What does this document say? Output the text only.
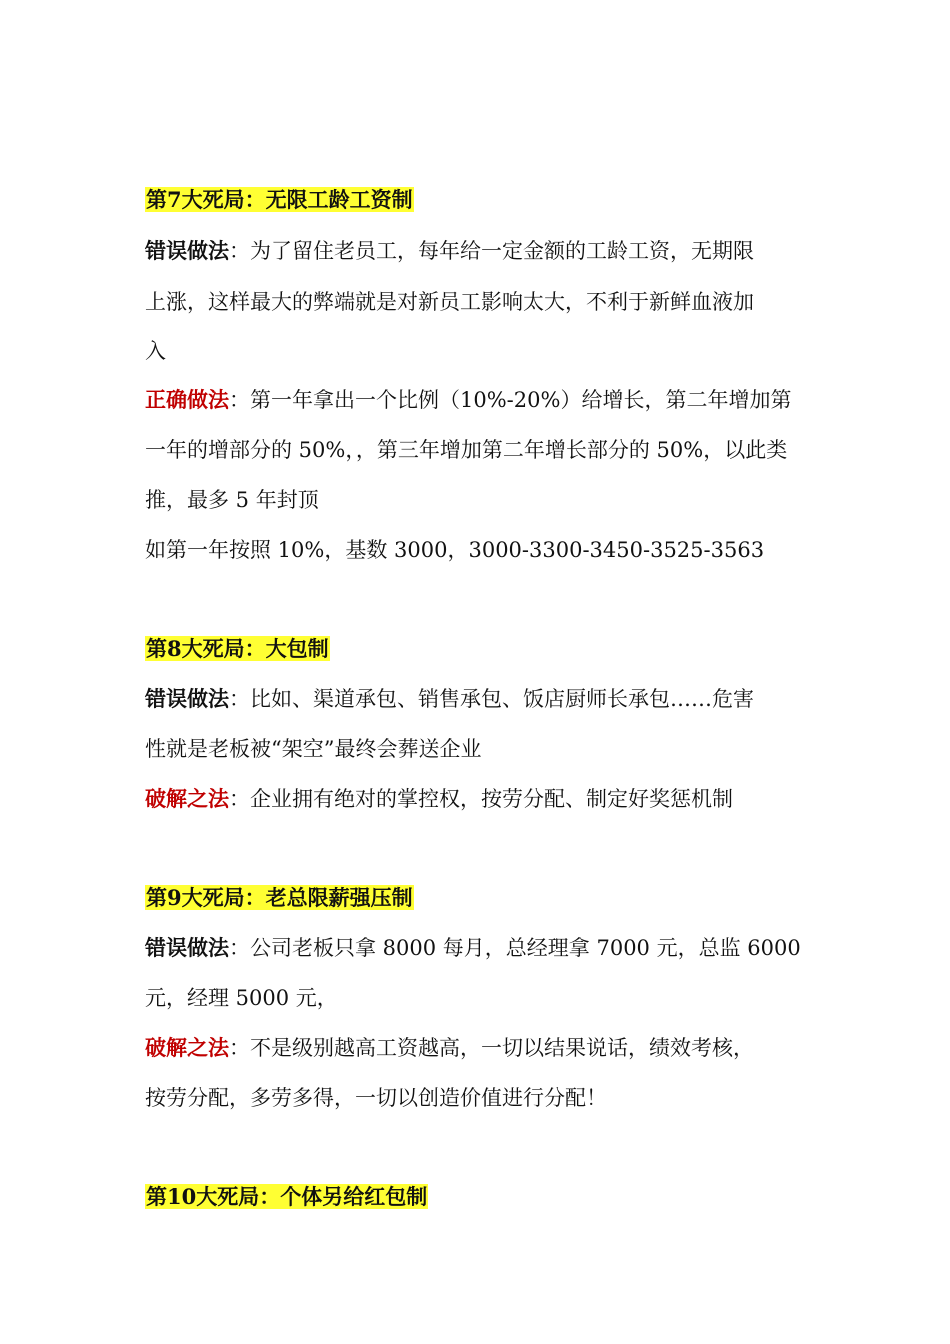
第7大死局：无限工龄工资制
错误做法：为了留住老员工，每年给一定金额的工龄工资，无期限
上涨，这样最大的弊端就是对新员工影响太大，不利于新鲜血液加
入
正确做法：第一年拿出一个比例（10%-20%）给增长，第二年增加第
一年的增部分的 50%，，第三年增加第二年增长部分的 50%，以此类
推，最多 5 年封顶
如第一年按照 10%，基数 3000，3000-3300-3450-3525-3563
第8大死局：大包制
错误做法：比如、渠道承包、销售承包、饭店厨师长承包……危害
性就是老板被“架空”最终会葬送企业
破解之法：企业拥有绝对的掌控权，按劳分配、制定好奖惩机制
第9大死局：老总限薪强压制
错误做法：公司老板只拿 8000 每月，总经理拿 7000 元，总监 6000
元，经理 5000 元，
破解之法：不是级别越高工资越高，一切以结果说话，绩效考核，
按劳分配，多劳多得，一切以创造价值进行分配！
第10大死局：个体另给红包制
